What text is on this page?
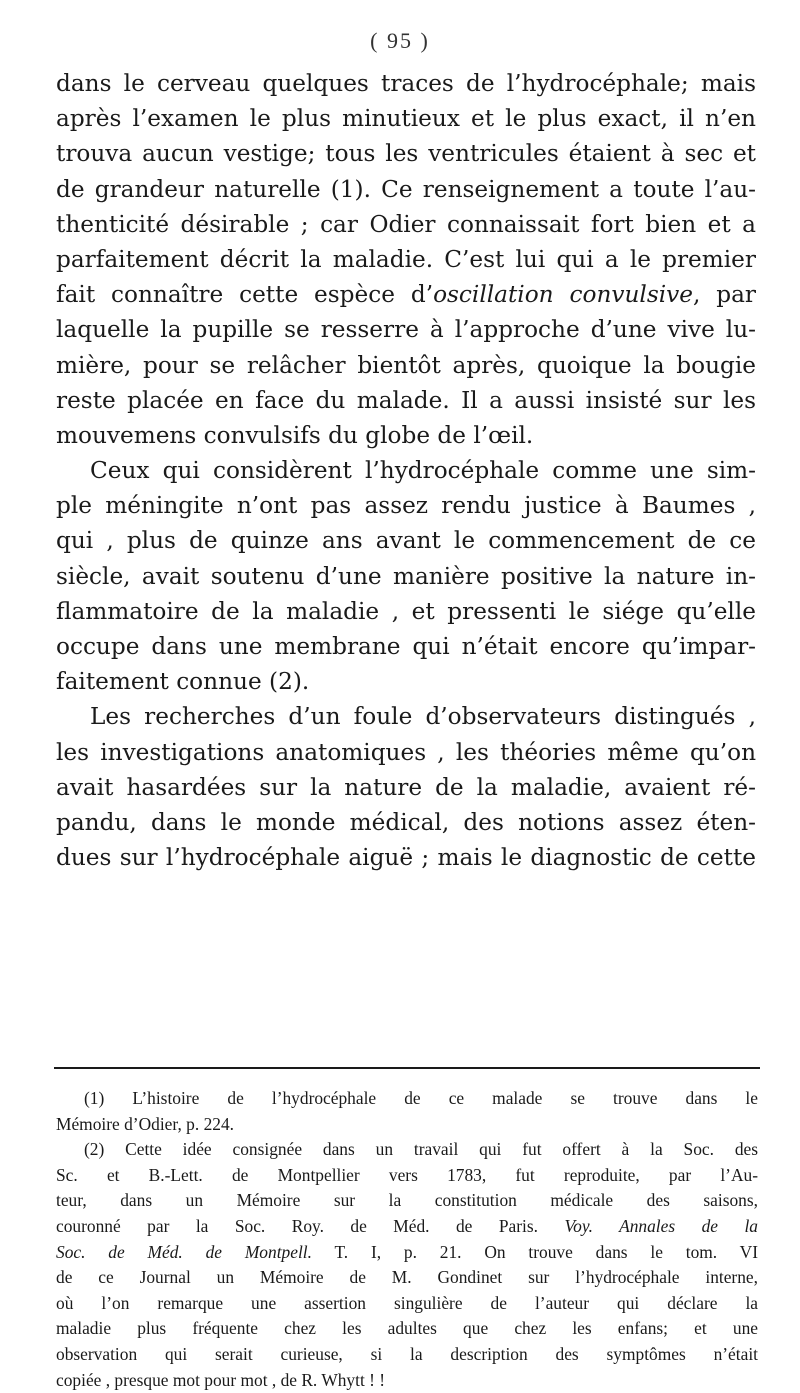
( 95 )
dans le cerveau quelques traces de l’hydrocéphale; mais
après l’examen le plus minutieux et le plus exact, il n’en
trouva aucun vestige; tous les ventricules étaient à sec et
de grandeur naturelle (1). Ce renseignement a toute l’au-
thenticité désirable ; car Odier connaissait fort bien et a
parfaitement décrit la maladie. C’est lui qui a le premier
fait connaître cette espèce d’oscillation convulsive, par
laquelle la pupille se resserre à l’approche d’une vive lu-
mière, pour se relâcher bientôt après, quoique la bougie
reste placée en face du malade. Il a aussi insisté sur les
mouvemens convulsifs du globe de l’œil.
Ceux qui considèrent l’hydrocéphale comme une sim-
ple méningite n’ont pas assez rendu justice à Baumes ,
qui , plus de quinze ans avant le commencement de ce
siècle, avait soutenu d’une manière positive la nature in-
flammatoire de la maladie , et pressenti le siége qu’elle
occupe dans une membrane qui n’était encore qu’impar-
faitement connue (2).
Les recherches d’un foule d’observateurs distingués ,
les investigations anatomiques , les théories même qu’on
avait hasardées sur la nature de la maladie, avaient ré-
pandu, dans le monde médical, des notions assez éten-
dues sur l’hydrocéphale aiguë ; mais le diagnostic de cette
(1) L’histoire de l’hydrocéphale de ce malade se trouve dans le
Mémoire d’Odier, p. 224.
(2) Cette idée consignée dans un travail qui fut offert à la Soc. des
Sc. et B.-Lett. de Montpellier vers 1783, fut reproduite, par l’Au-
teur, dans un Mémoire sur la constitution médicale des saisons,
couronné par la Soc. Roy. de Méd. de Paris. Voy. Annales de la
Soc. de Méd. de Montpell. T. I, p. 21. On trouve dans le tom. VI
de ce Journal un Mémoire de M. Gondinet sur l’hydrocéphale interne,
où l’on remarque une assertion singulière de l’auteur qui déclare la
maladie plus fréquente chez les adultes que chez les enfans; et une
observation qui serait curieuse, si la description des symptômes n’était
copiée , presque mot pour mot , de R. Whytt ! !
